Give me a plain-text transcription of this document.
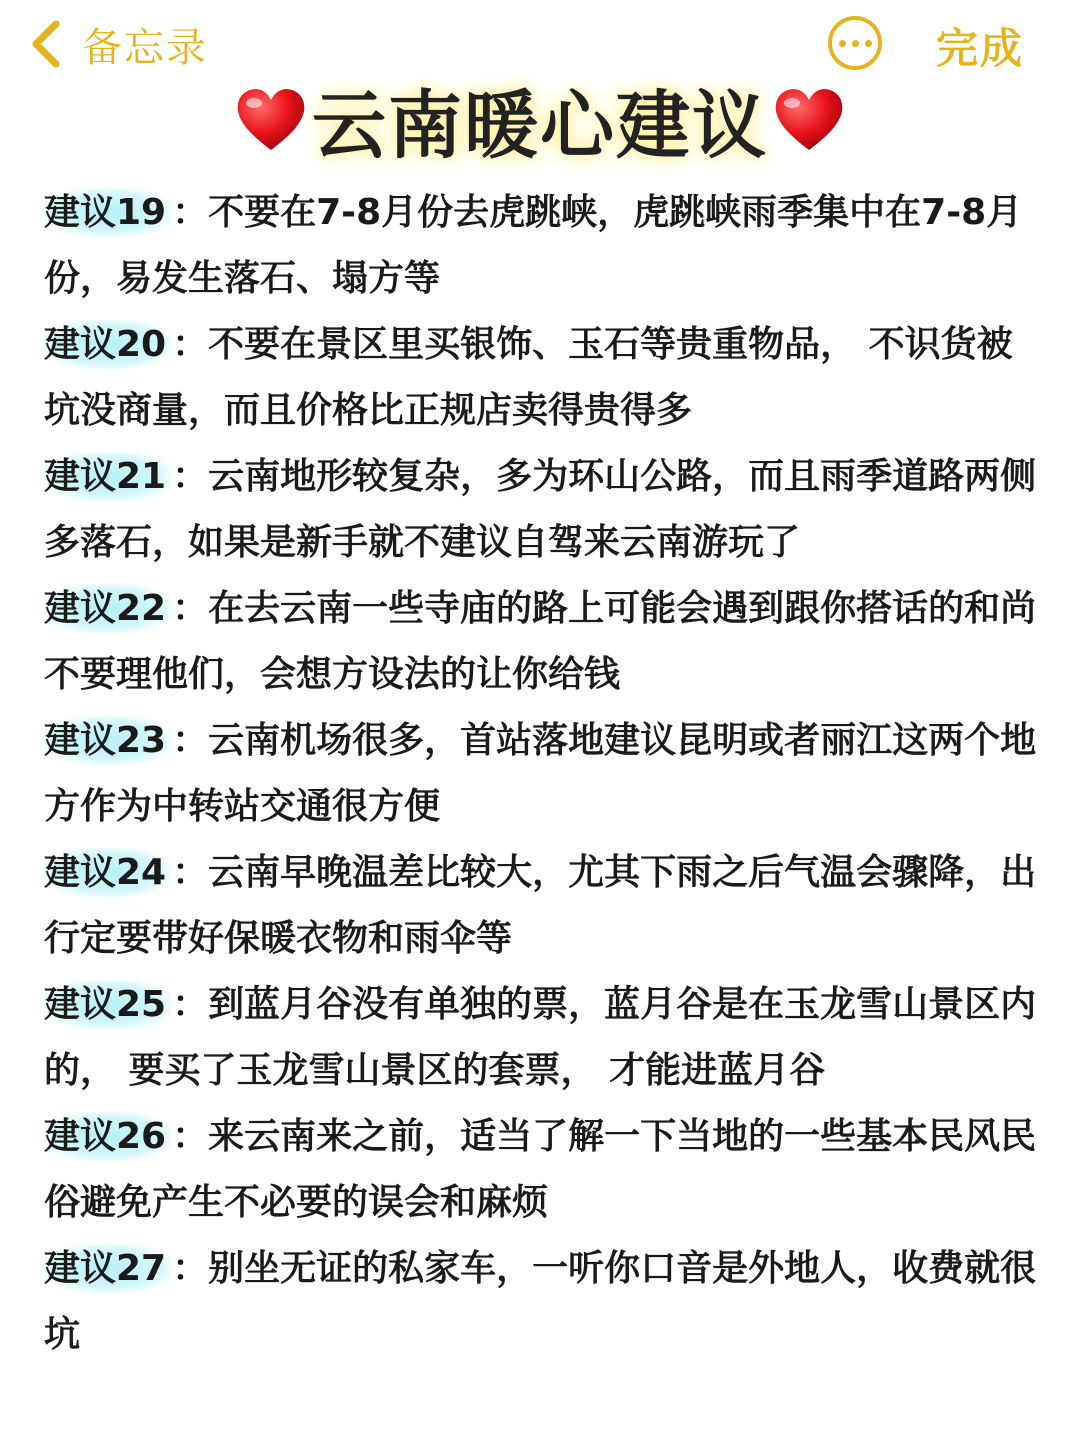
备忘录	完成
云南暖心建议

建议19 ：不要在7-8月份去虎跳峡，虎跳峡雨季集中在7-8月份，易发生落石、塌方等

建议20 ：不要在景区里买银饰、玉石等贵重物品， 不识货被坑没商量，而且价格比正规店卖得贵得多

建议21 ：云南地形较复杂，多为环山公路，而且雨季道路两侧多落石，如果是新手就不建议自驾来云南游玩了

建议22 ：在去云南一些寺庙的路上可能会遇到跟你搭话的和尚不要理他们，会想方设法的让你给钱

建议23 ：云南机场很多，首站落地建议昆明或者丽江这两个地方作为中转站交通很方便

建议24 ：云南早晚温差比较大，尤其下雨之后气温会骤降，出行定要带好保暖衣物和雨伞等

建议25 ：到蓝月谷没有单独的票，蓝月谷是在玉龙雪山景区内的， 要买了玉龙雪山景区的套票， 才能进蓝月谷

建议26 ：来云南来之前，适当了解一下当地的一些基本民风民俗避免产生不必要的误会和麻烦

建议27 ：别坐无证的私家车，一听你口音是外地人，收费就很坑
